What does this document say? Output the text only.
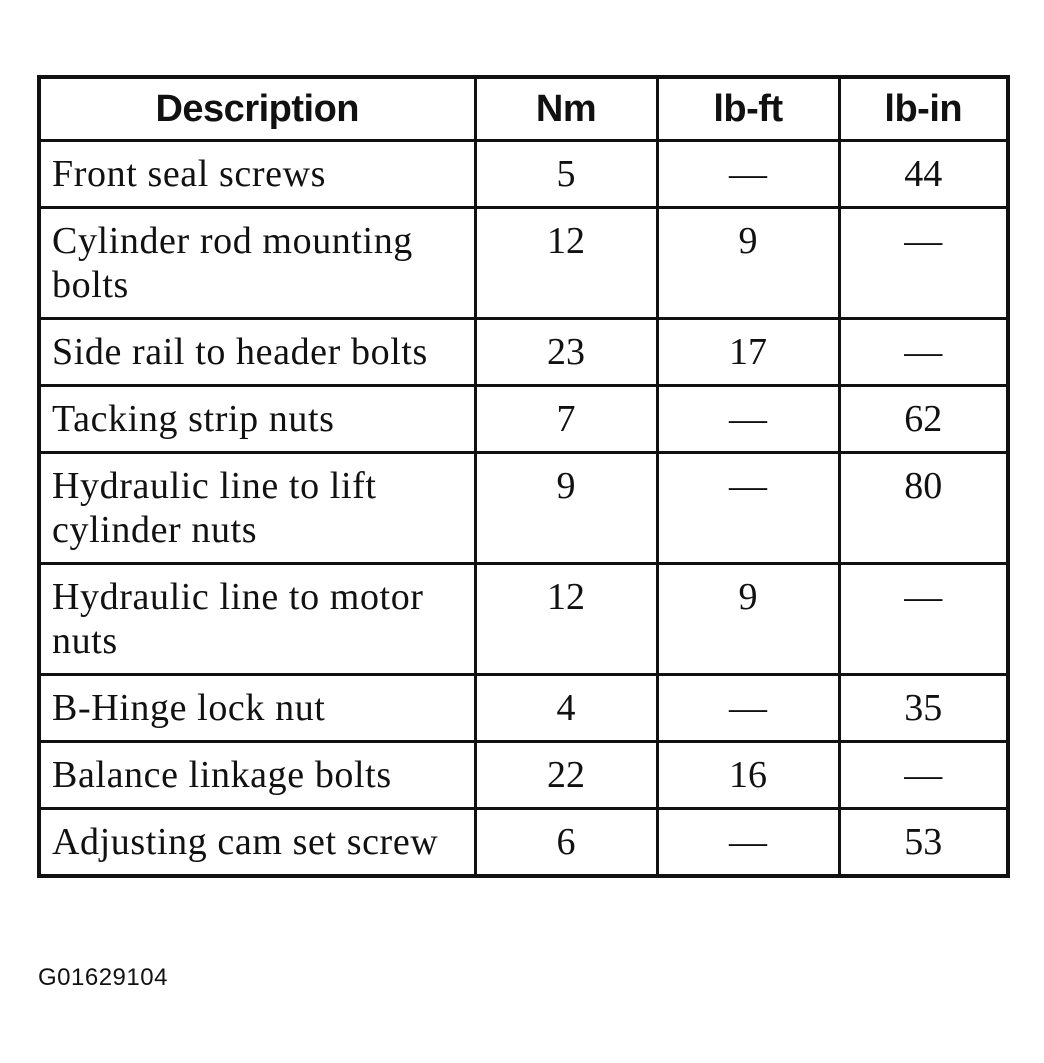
Description	Nm	lb-ft	lb-in
Front seal screws	5	—	44
Cylinder rod mounting bolts	12	9	—
Side rail to header bolts	23	17	—
Tacking strip nuts	7	—	62
Hydraulic line to lift cylinder nuts	9	—	80
Hydraulic line to motor nuts	12	9	—
B-Hinge lock nut	4	—	35
Balance linkage bolts	22	16	—
Adjusting cam set screw	6	—	53
G01629104
